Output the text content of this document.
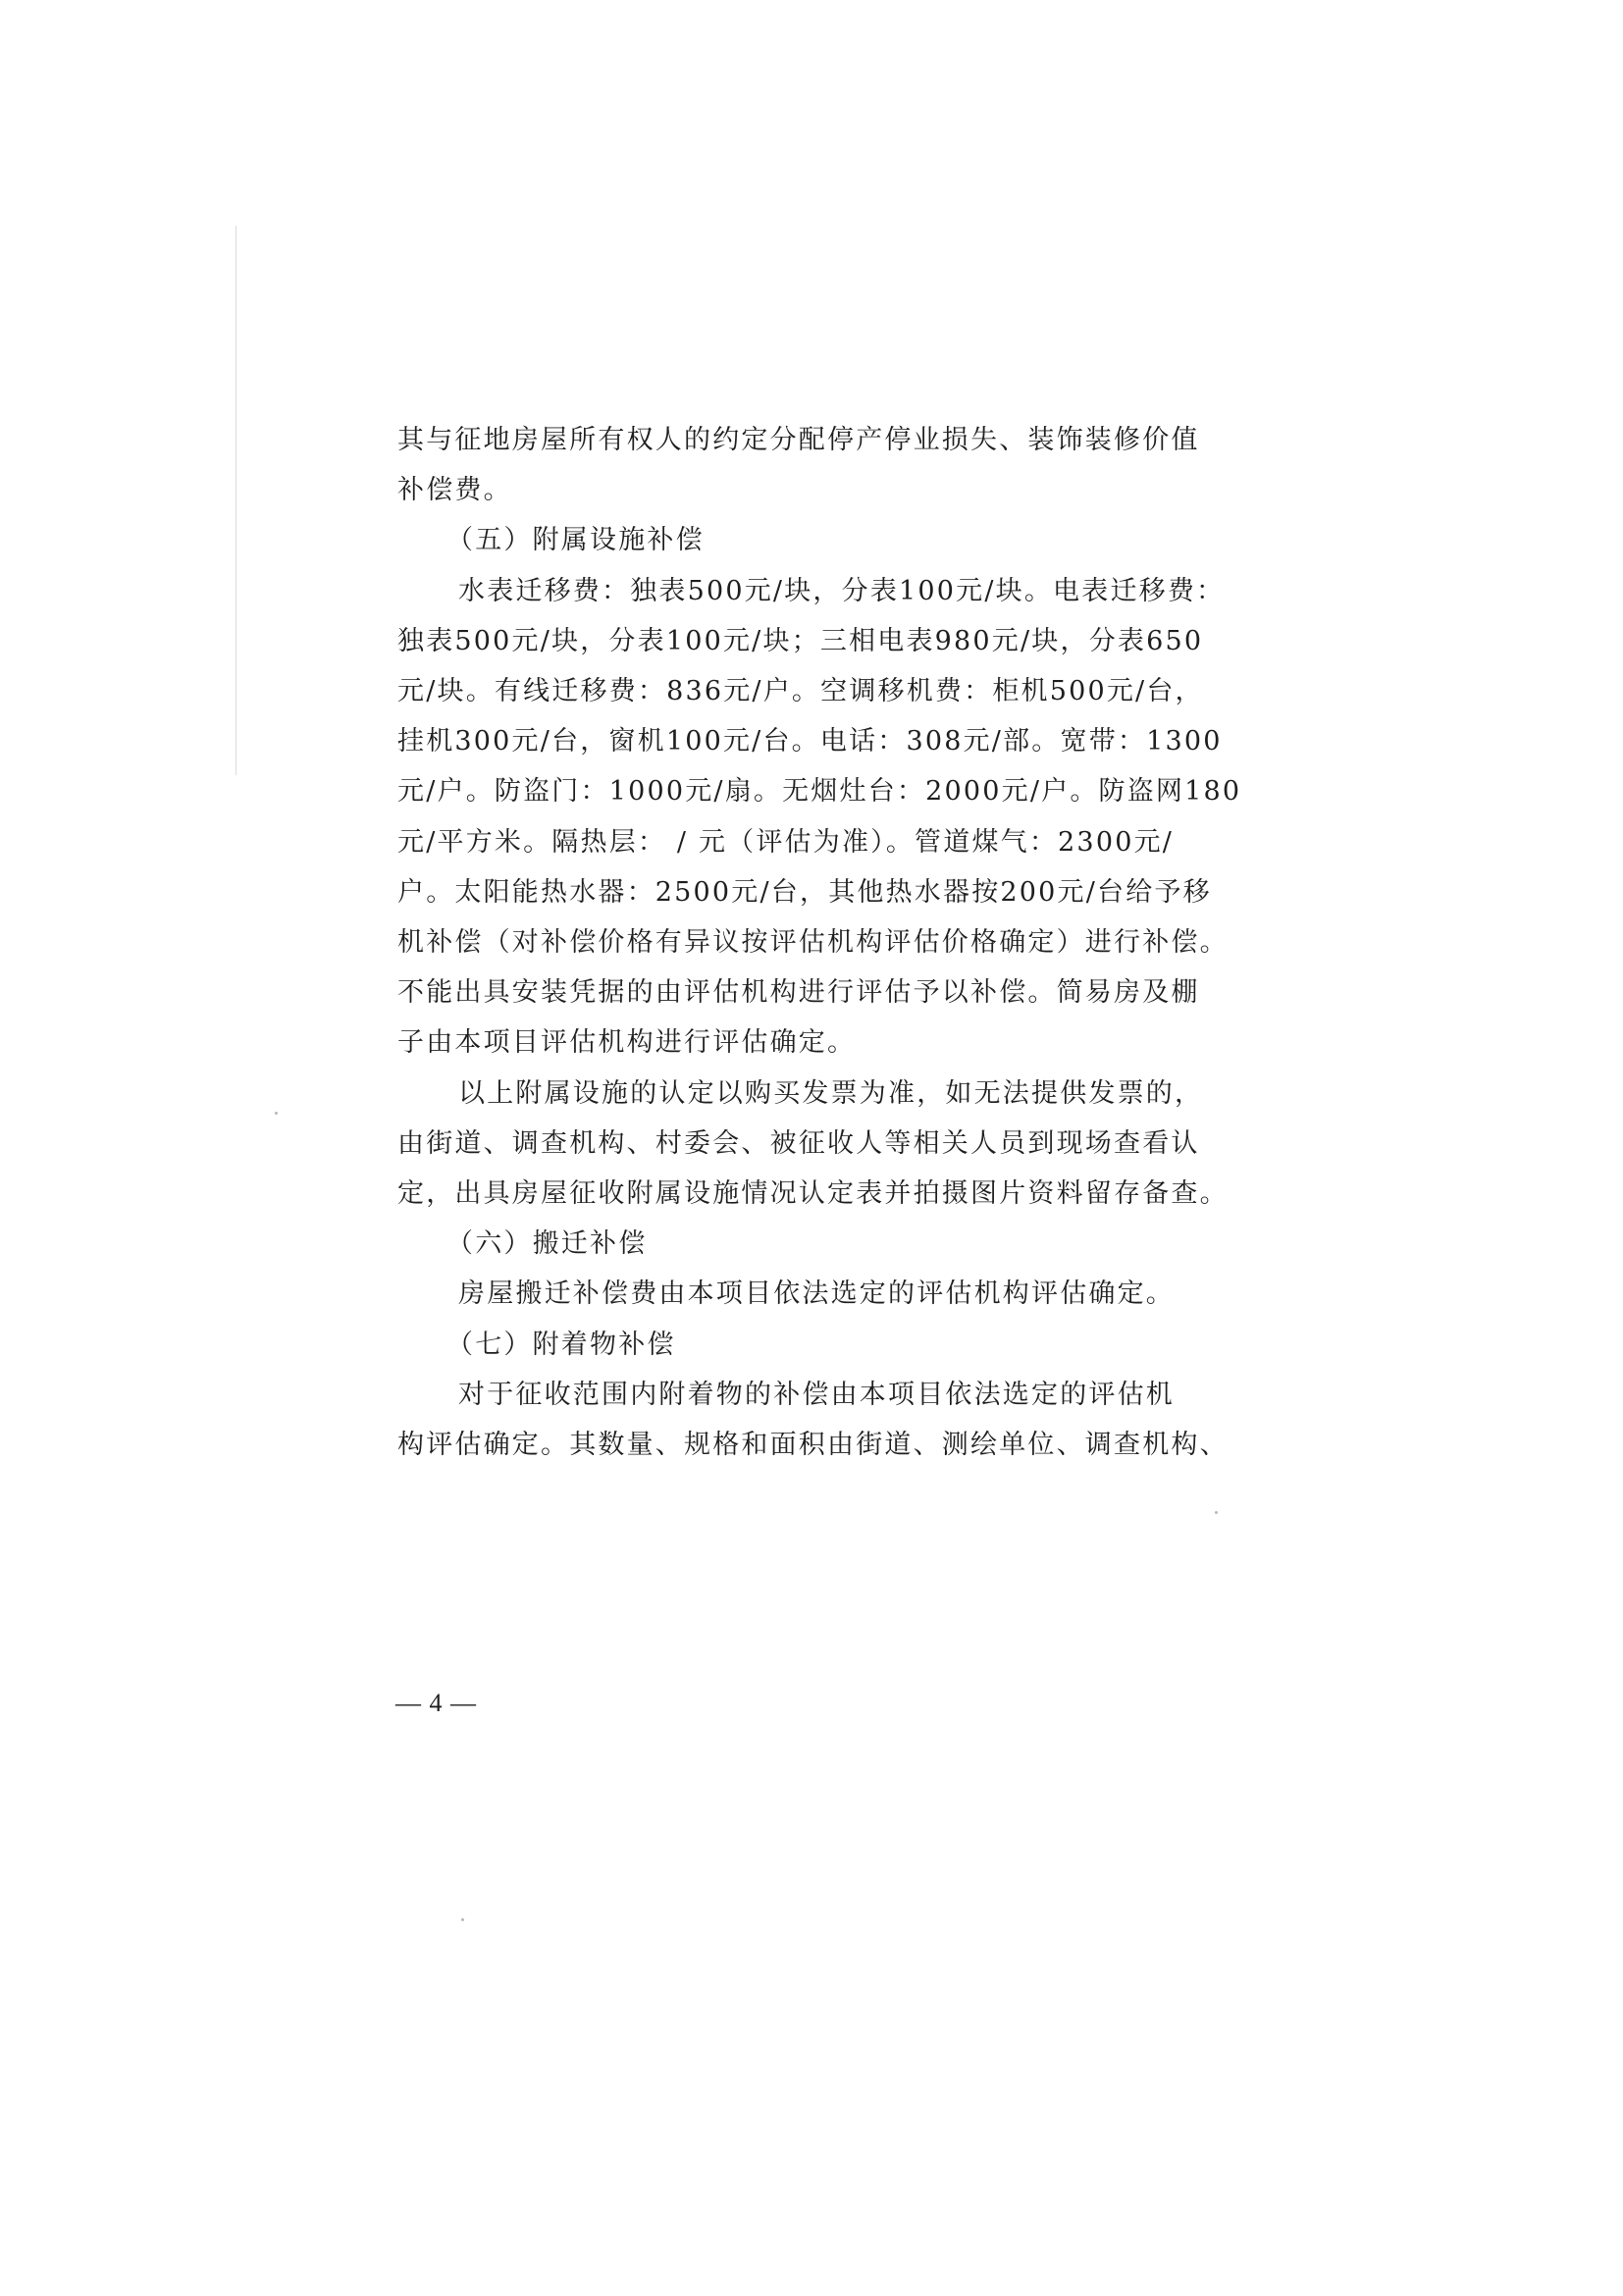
其与征地房屋所有权人的约定分配停产停业损失、装饰装修价值
补偿费。
（五）附属设施补偿
水表迁移费：独表500元/块，分表100元/块。电表迁移费：
独表500元/块，分表100元/块；三相电表980元/块，分表650
元/块。有线迁移费：836元/户。空调移机费：柜机500元/台，
挂机300元/台，窗机100元/台。电话：308元/部。宽带：1300
元/户。防盗门：1000元/扇。无烟灶台：2000元/户。防盗网180
元/平方米。隔热层： / 元（评估为准）。管道煤气：2300元/
户。太阳能热水器：2500元/台，其他热水器按200元/台给予移
机补偿（对补偿价格有异议按评估机构评估价格确定）进行补偿。
不能出具安装凭据的由评估机构进行评估予以补偿。简易房及棚
子由本项目评估机构进行评估确定。
以上附属设施的认定以购买发票为准，如无法提供发票的，
由街道、调查机构、村委会、被征收人等相关人员到现场查看认
定，出具房屋征收附属设施情况认定表并拍摄图片资料留存备查。
（六）搬迁补偿
房屋搬迁补偿费由本项目依法选定的评估机构评估确定。
（七）附着物补偿
对于征收范围内附着物的补偿由本项目依法选定的评估机
构评估确定。其数量、规格和面积由街道、测绘单位、调查机构、
— 4 —
